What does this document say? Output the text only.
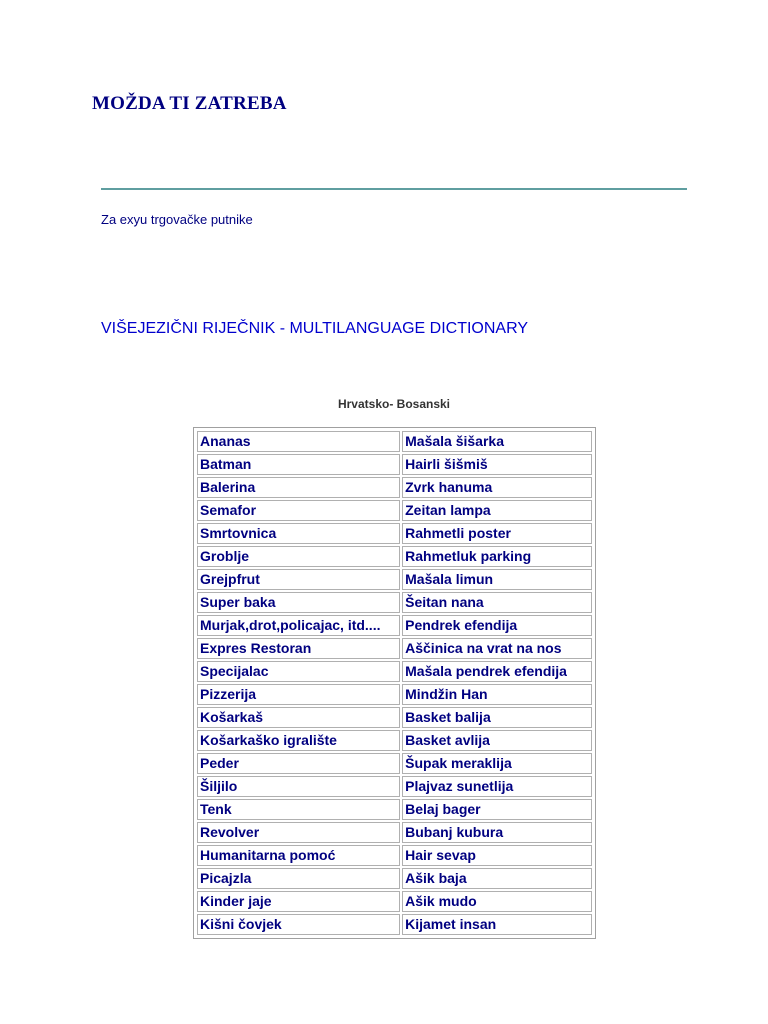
MOŽDA TI ZATREBA
Za exyu trgovačke putnike
VIŠEJEZIČNI RIJEČNIK - MULTILANGUAGE DICTIONARY
Hrvatsko- Bosanski
Ananas	Mašala šišarka
Batman	Hairli šišmiš
Balerina	Zvrk hanuma
Semafor	Zeitan lampa
Smrtovnica	Rahmetli poster
Groblje	Rahmetluk parking
Grejpfrut	Mašala limun
Super baka	Šeitan nana
Murjak,drot,policajac, itd....	Pendrek efendija
Expres Restoran	Aščinica na vrat na nos
Specijalac	Mašala pendrek efendija
Pizzerija	Mindžin Han
Košarkaš	Basket balija
Košarkaško igralište	Basket avlija
Peder	Šupak meraklija
Šiljilo	Plajvaz sunetlija
Tenk	Belaj bager
Revolver	Bubanj kubura
Humanitarna pomoć	Hair sevap
Picajzla	Ašik baja
Kinder jaje	Ašik mudo
Kišni čovjek	Kijamet insan
